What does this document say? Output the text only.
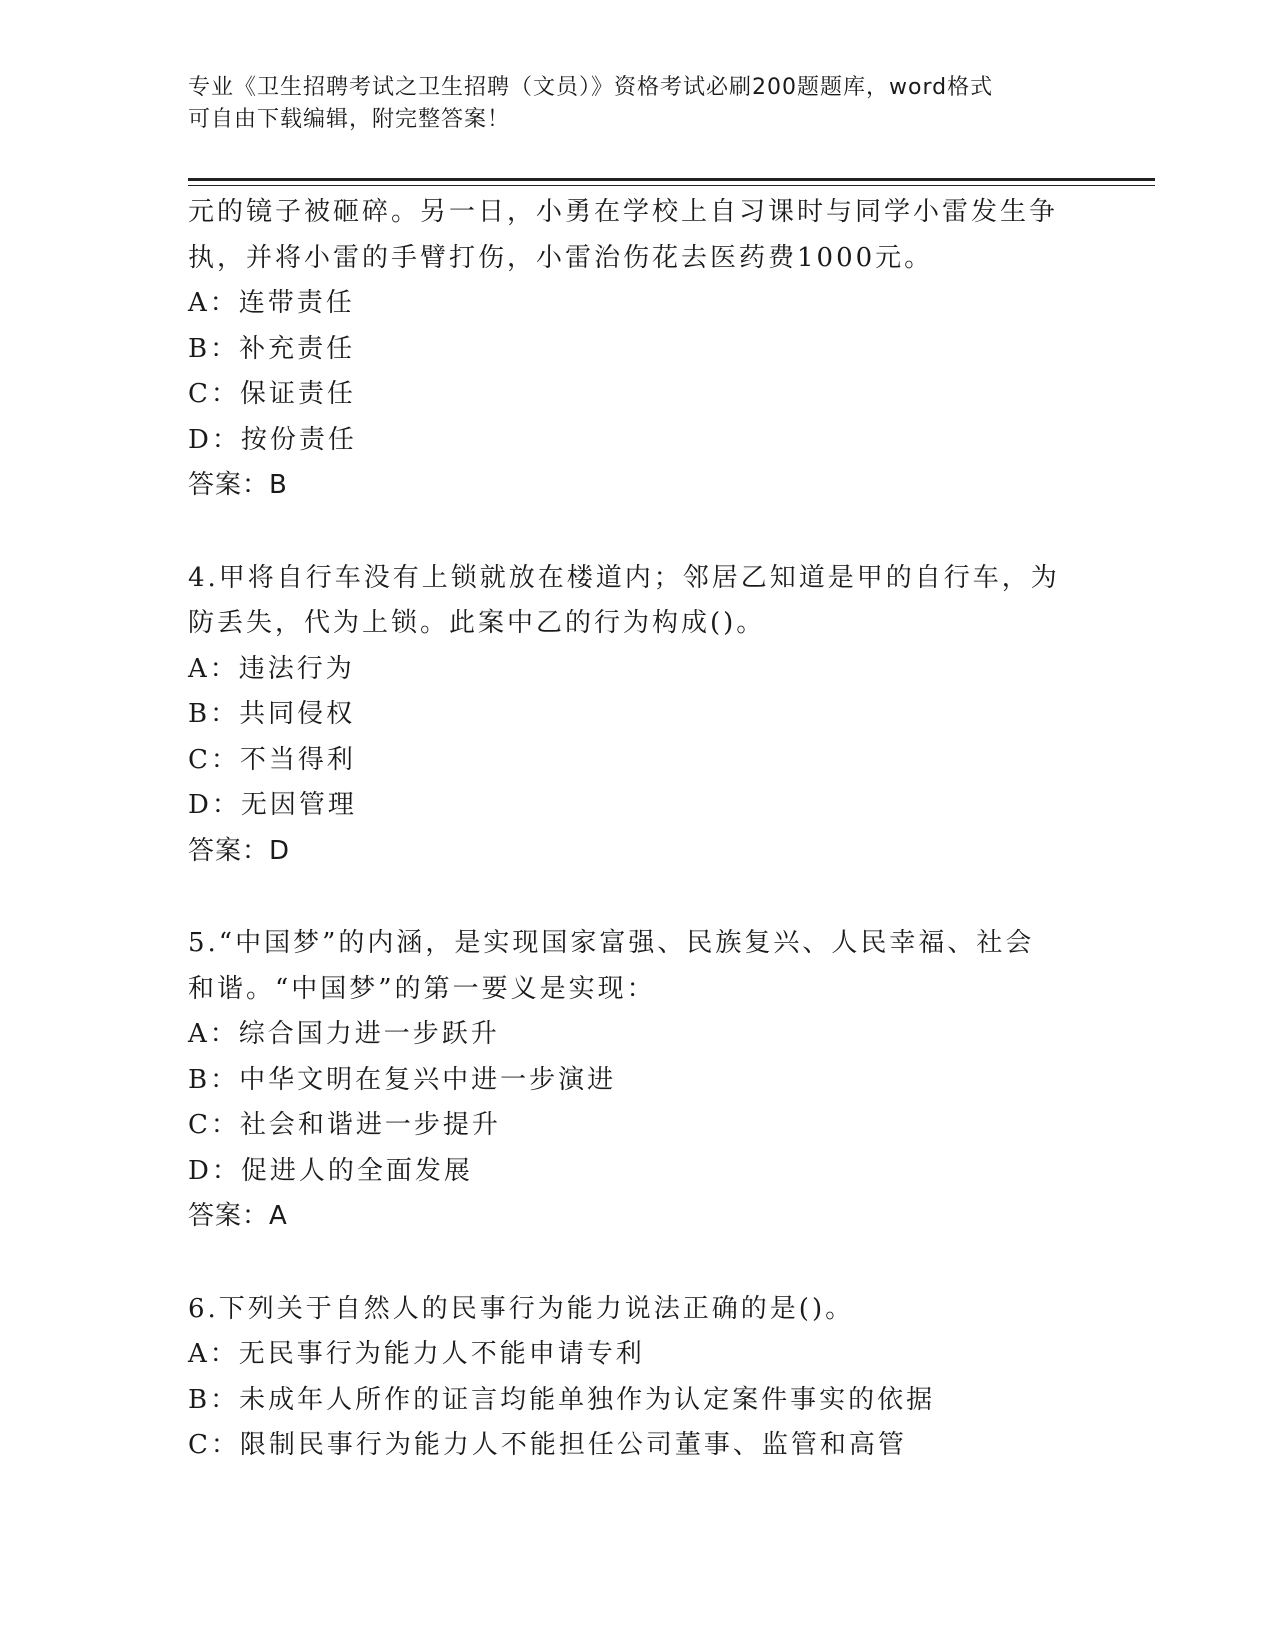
专业《卫生招聘考试之卫生招聘（文员）》资格考试必刷200题题库，word格式
可自由下载编辑，附完整答案！
元的镜子被砸碎。另一日，小勇在学校上自习课时与同学小雷发生争
执，并将小雷的手臂打伤，小雷治伤花去医药费1000元。
A：连带责任
B：补充责任
C：保证责任
D：按份责任
答案：B
4.甲将自行车没有上锁就放在楼道内；邻居乙知道是甲的自行车，为
防丢失，代为上锁。此案中乙的行为构成()。
A：违法行为
B：共同侵权
C：不当得利
D：无因管理
答案：D
5.“中国梦”的内涵，是实现国家富强、民族复兴、人民幸福、社会
和谐。“中国梦”的第一要义是实现：
A：综合国力进一步跃升
B：中华文明在复兴中进一步演进
C：社会和谐进一步提升
D：促进人的全面发展
答案：A
6.下列关于自然人的民事行为能力说法正确的是()。
A：无民事行为能力人不能申请专利
B：未成年人所作的证言均能单独作为认定案件事实的依据
C：限制民事行为能力人不能担任公司董事、监管和高管
